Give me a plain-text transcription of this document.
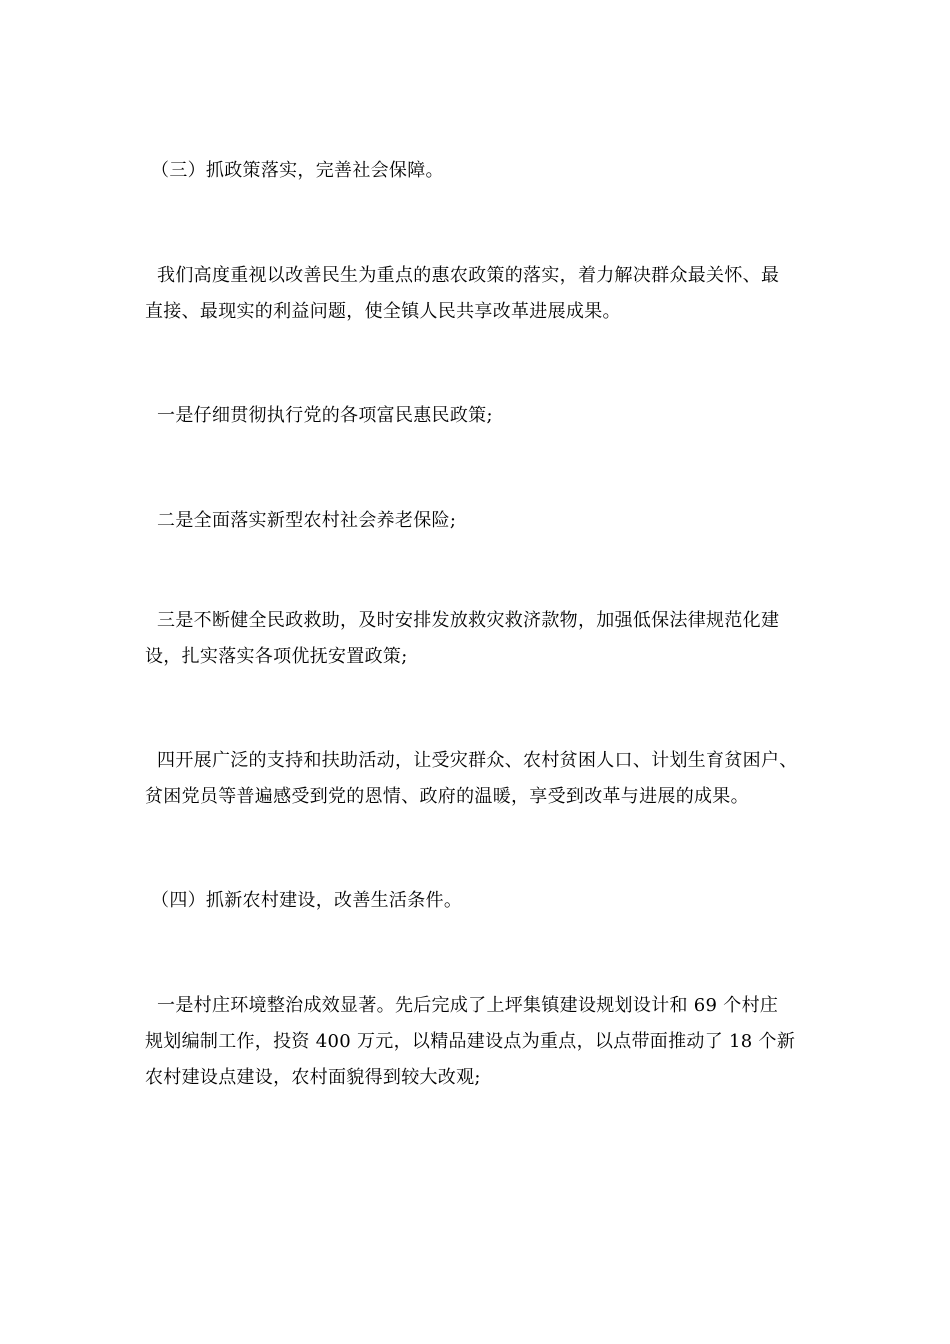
（三）抓政策落实，完善社会保障。

我们高度重视以改善民生为重点的惠农政策的落实，着力解决群众最关怀、最
直接、最现实的利益问题，使全镇人民共享改革进展成果。

一是仔细贯彻执行党的各项富民惠民政策;

二是全面落实新型农村社会养老保险;

三是不断健全民政救助，及时安排发放救灾救济款物，加强低保法律规范化建
设，扎实落实各项优抚安置政策;

四开展广泛的支持和扶助活动，让受灾群众、农村贫困人口、计划生育贫困户、
贫困党员等普遍感受到党的恩情、政府的温暖，享受到改革与进展的成果。

（四）抓新农村建设，改善生活条件。

一是村庄环境整治成效显著。先后完成了上坪集镇建设规划设计和 69 个村庄
规划编制工作，投资 400 万元，以精品建设点为重点，以点带面推动了 18 个新
农村建设点建设，农村面貌得到较大改观;
